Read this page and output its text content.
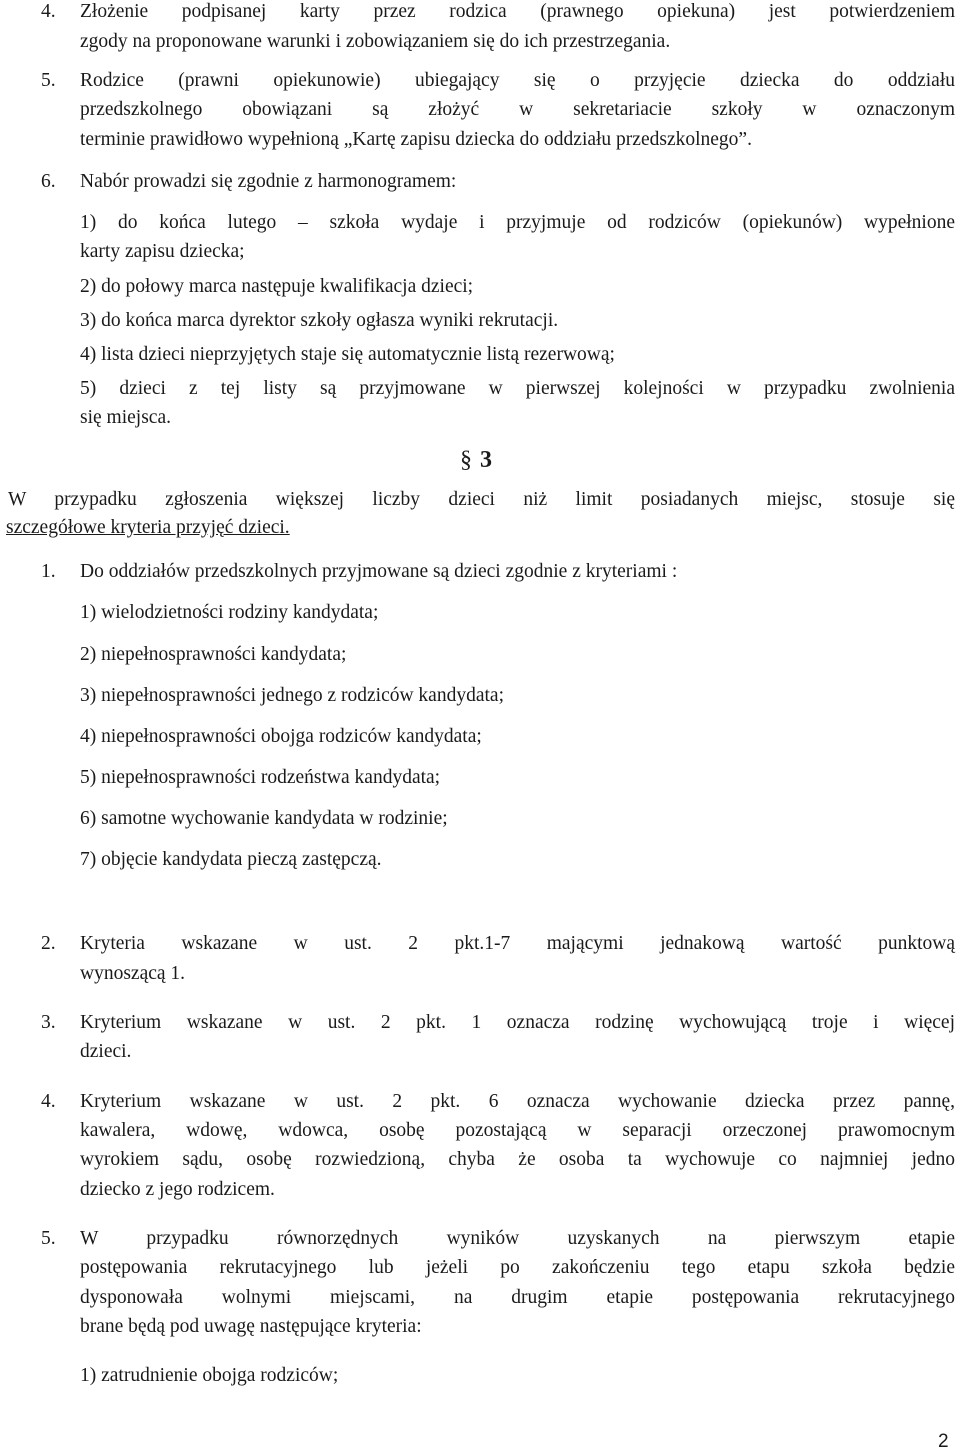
4. Złożenie podpisanej karty przez rodzica (prawnego opiekuna) jest potwierdzeniem
zgody na proponowane warunki i zobowiązaniem się do ich przestrzegania.
5. Rodzice (prawni opiekunowie) ubiegający się o przyjęcie dziecka do oddziału
przedszkolnego obowiązani są złożyć w sekretariacie szkoły w oznaczonym
terminie prawidłowo wypełnioną „Kartę zapisu dziecka do oddziału przedszkolnego”.
6. Nabór prowadzi się zgodnie z harmonogramem:
1) do końca lutego – szkoła wydaje i przyjmuje od rodziców (opiekunów) wypełnione
karty zapisu dziecka;
2) do połowy marca następuje kwalifikacja dzieci;
3) do końca marca dyrektor szkoły ogłasza wyniki rekrutacji.
4) lista dzieci nieprzyjętych staje się automatycznie listą rezerwową;
5) dzieci z tej listy są przyjmowane w pierwszej kolejności w przypadku zwolnienia
się miejsca.
§ 3
W przypadku zgłoszenia większej liczby dzieci niż limit posiadanych miejsc, stosuje się
szczegółowe kryteria przyjęć dzieci.
1. Do oddziałów przedszkolnych przyjmowane są dzieci zgodnie z kryteriami :
1) wielodzietności rodziny kandydata;
2) niepełnosprawności kandydata;
3) niepełnosprawności jednego z rodziców kandydata;
4) niepełnosprawności obojga rodziców kandydata;
5) niepełnosprawności rodzeństwa kandydata;
6) samotne wychowanie kandydata w rodzinie;
7) objęcie kandydata pieczą zastępczą.
2. Kryteria wskazane w ust. 2 pkt.1-7 mającymi jednakową wartość punktową
wynoszącą 1.
3. Kryterium wskazane w ust. 2 pkt. 1 oznacza rodzinę wychowującą troje i więcej
dzieci.
4. Kryterium wskazane w ust. 2 pkt. 6 oznacza wychowanie dziecka przez pannę,
kawalera, wdowę, wdowca, osobę pozostającą w separacji orzeczonej prawomocnym
wyrokiem sądu, osobę rozwiedzioną, chyba że osoba ta wychowuje co najmniej jedno
dziecko z jego rodzicem.
5. W przypadku równorzędnych wyników uzyskanych na pierwszym etapie
postępowania rekrutacyjnego lub jeżeli po zakończeniu tego etapu szkoła będzie
dysponowała wolnymi miejscami, na drugim etapie postępowania rekrutacyjnego
brane będą pod uwagę następujące kryteria:
1) zatrudnienie obojga rodziców;
2
